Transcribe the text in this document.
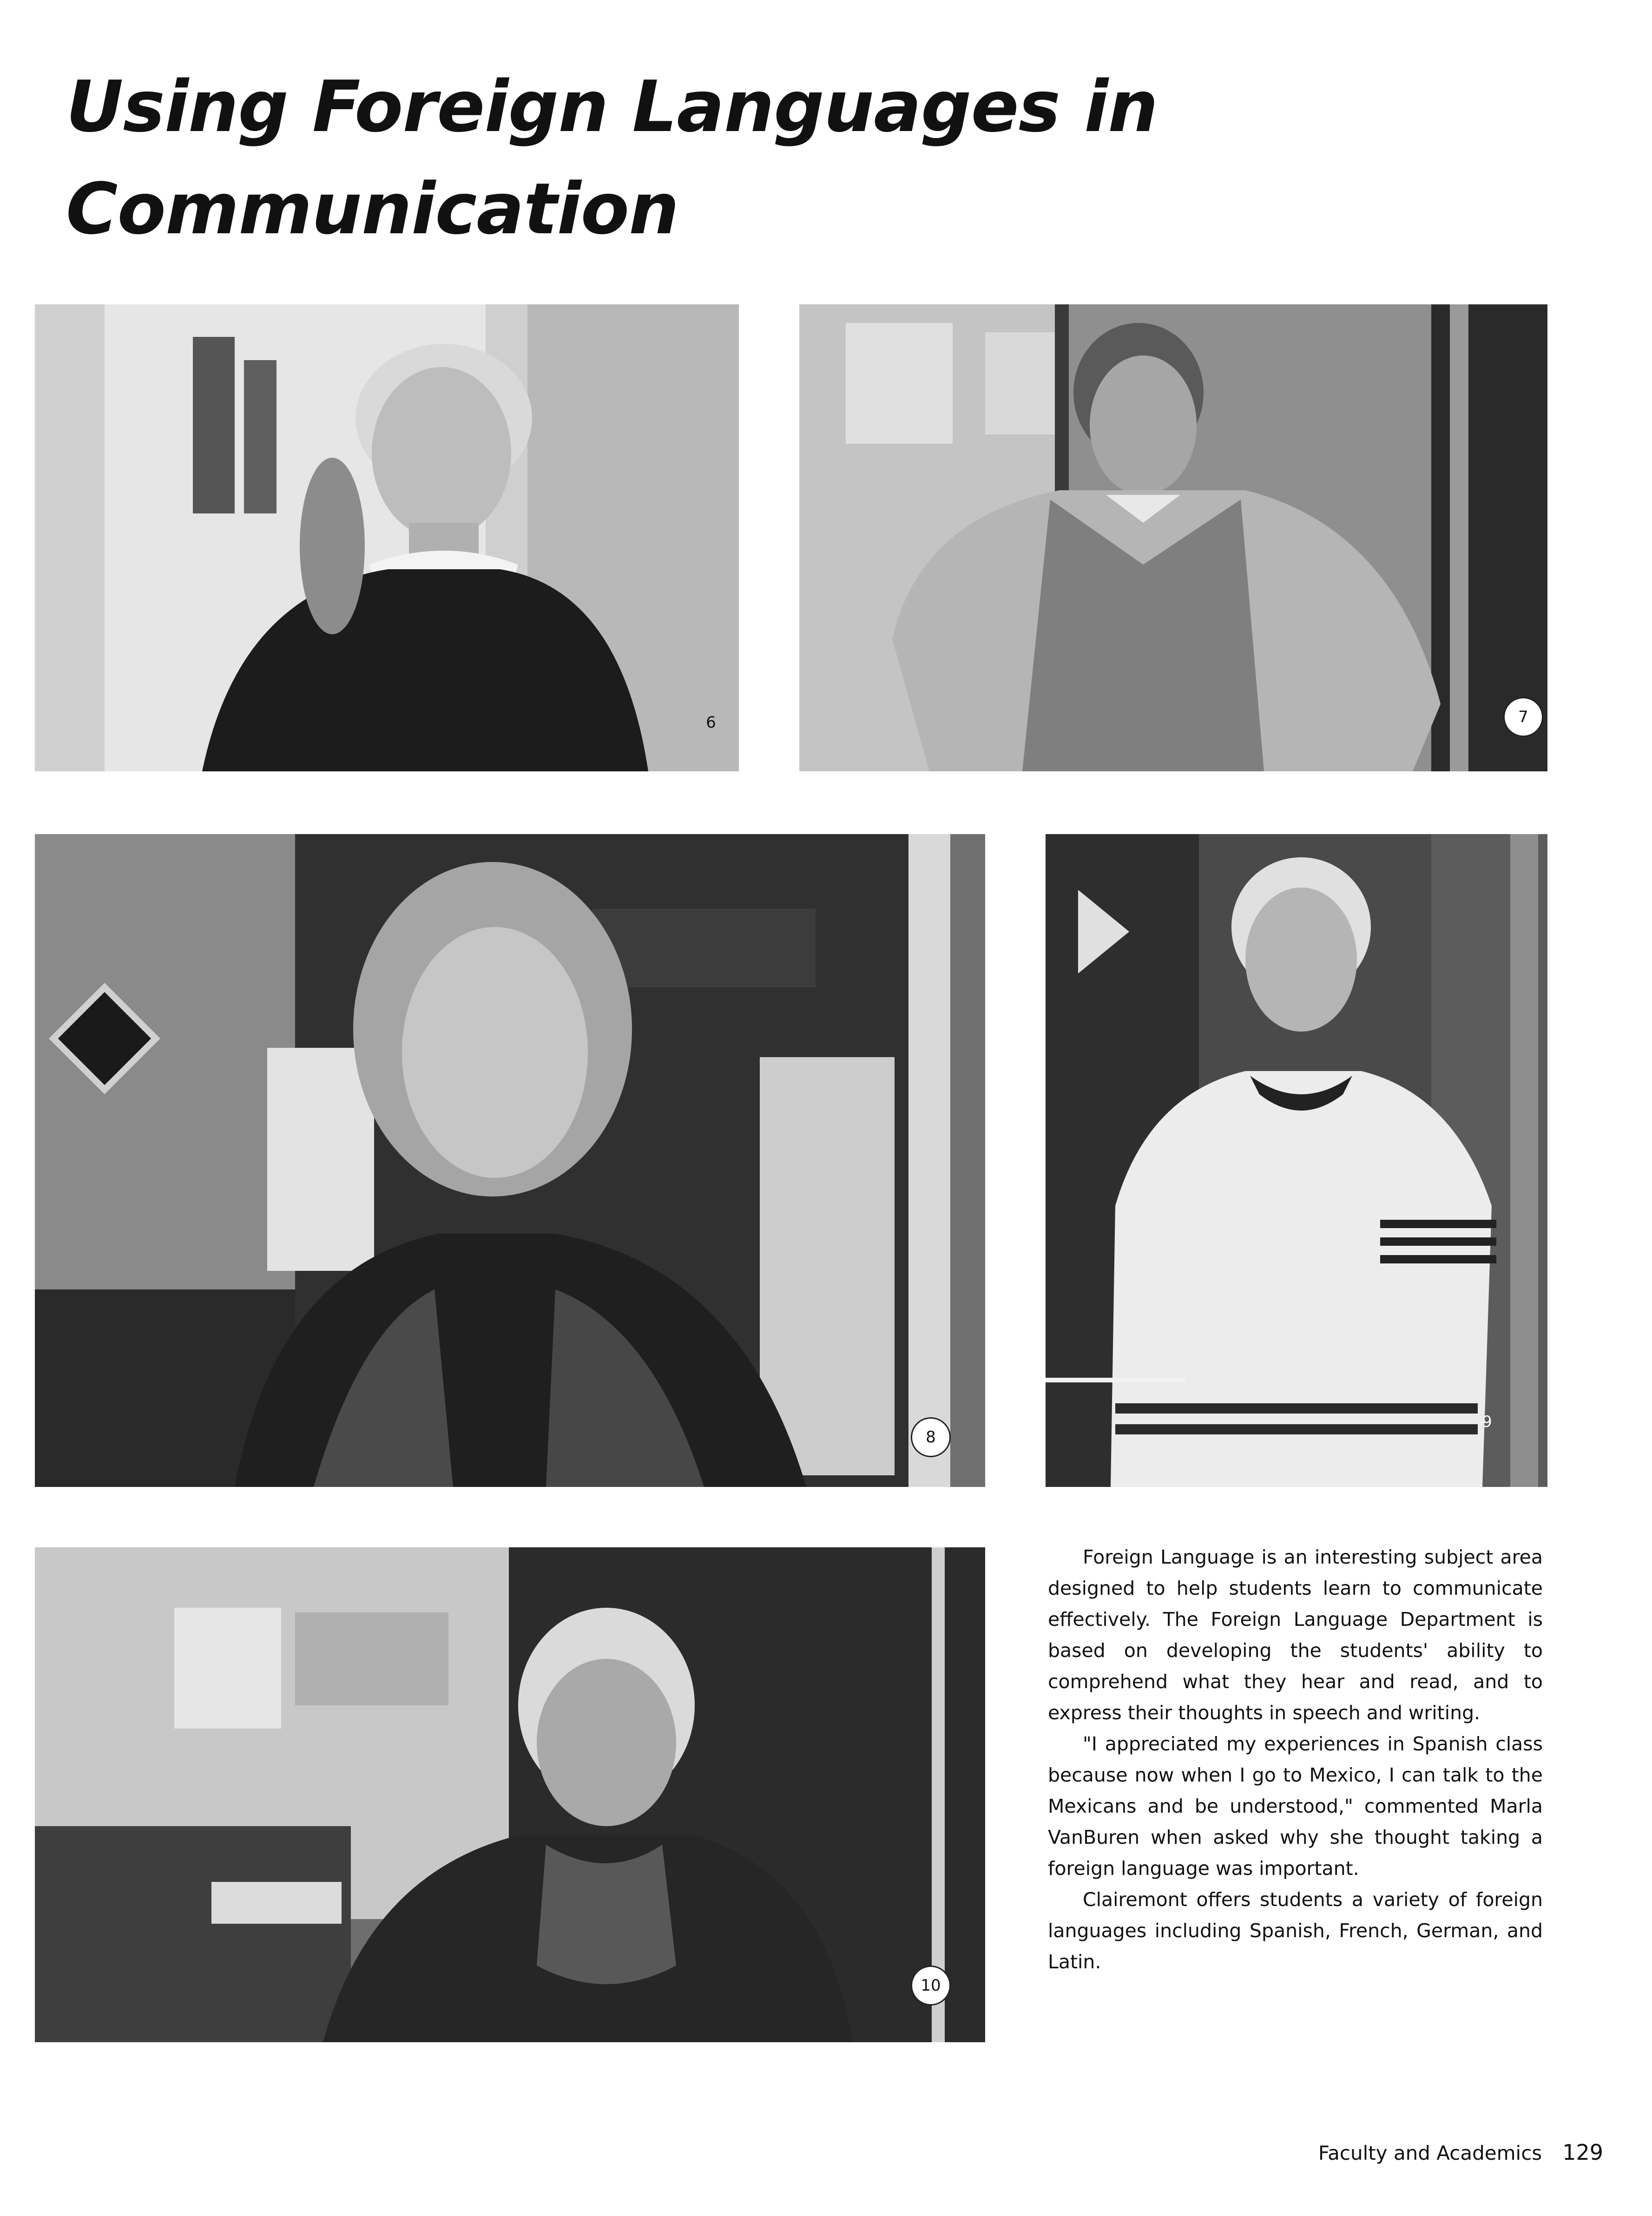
Using Foreign Languages in
Communication
6	7
8
9
10

Foreign Language is an interesting subject area designed to help students learn to communicate effectively. The Foreign Language Department is based on developing the students' ability to comprehend what they hear and read, and to express their thoughts in speech and writing.

"I appreciated my experiences in Spanish class because now when I go to Mexico, I can talk to the Mexicans and be understood," commented Marla VanBuren when asked why she thought taking a foreign language was important.

Clairemont offers students a variety of foreign languages including Spanish, French, German, and Latin.

Faculty and Academics 129
